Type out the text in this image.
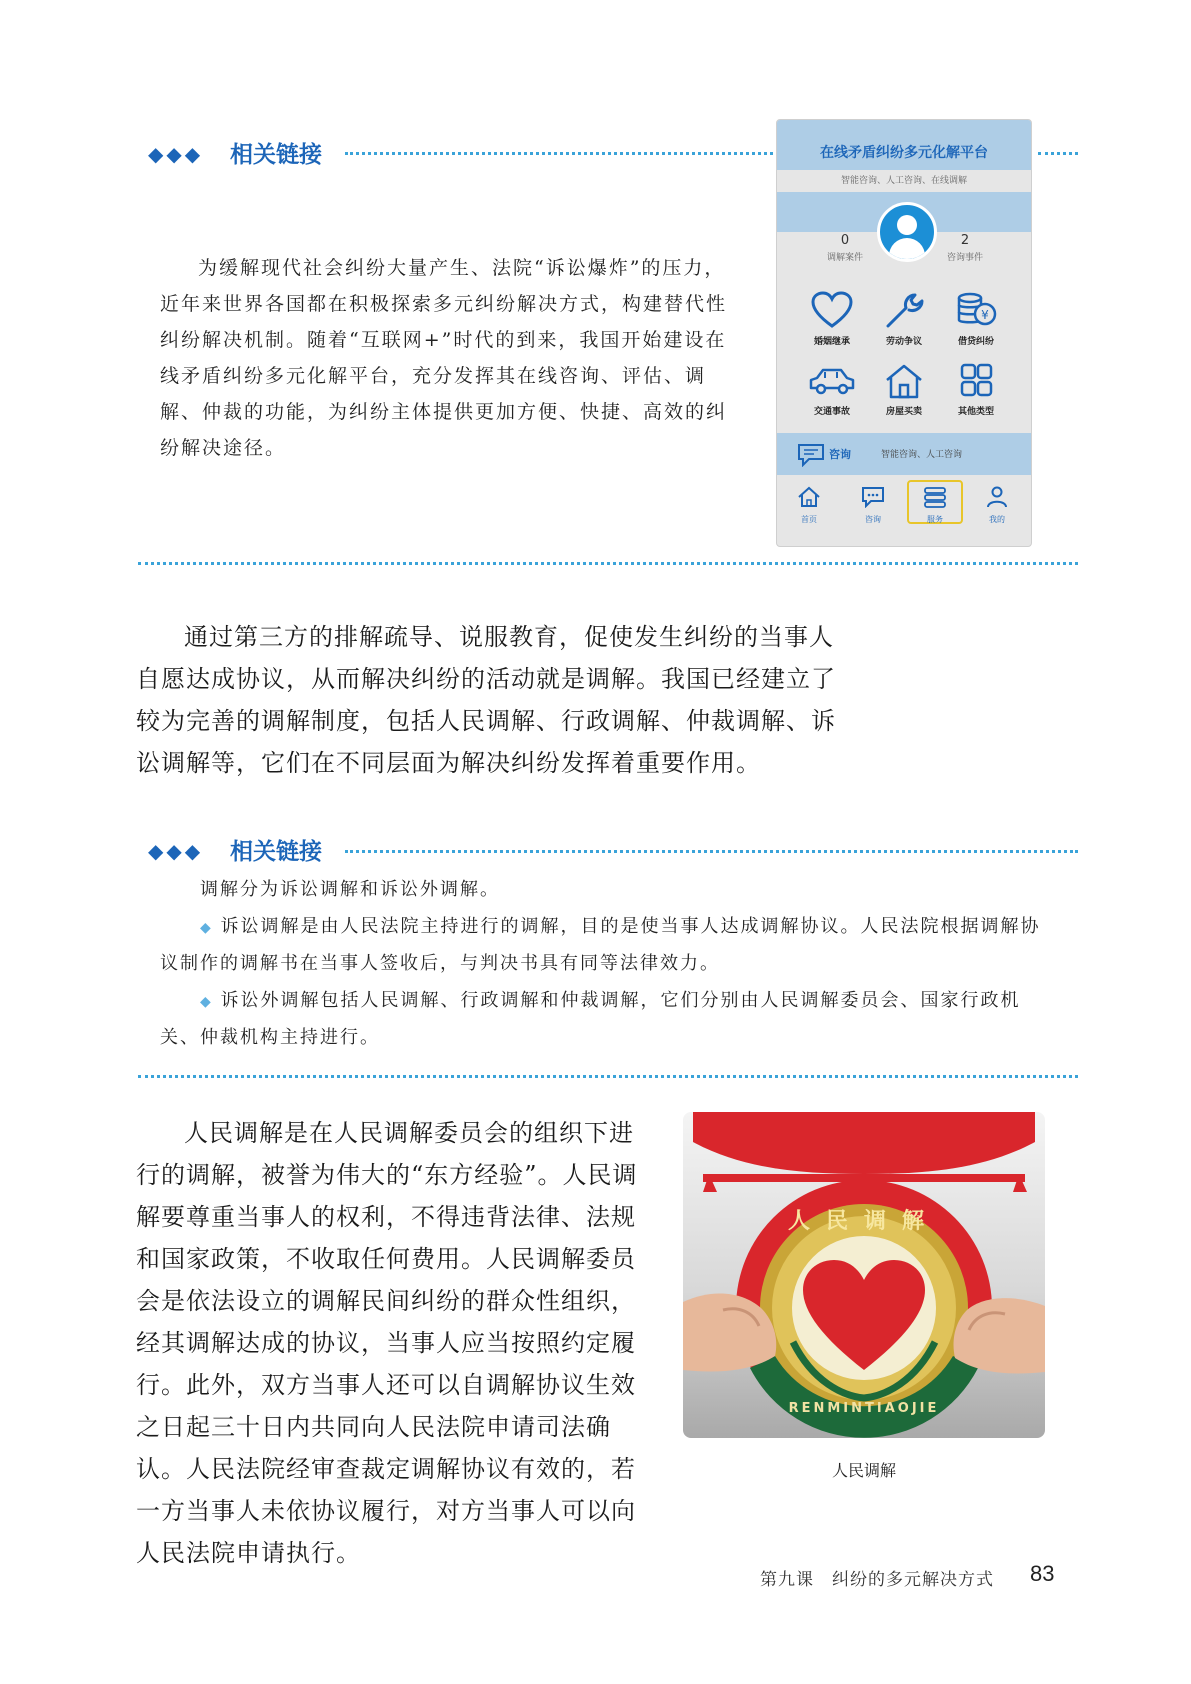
◆◆◆ 相关链接
为缓解现代社会纠纷大量产生、法院“诉讼爆炸”的压力，近年来世界各国都在积极探索多元纠纷解决方式，构建替代性纠纷解决机制。随着“互联网+”时代的到来，我国开始建设在线矛盾纠纷多元化解平台，充分发挥其在线咨询、评估、调解、仲裁的功能，为纠纷主体提供更加方便、快捷、高效的纠纷解决途径。
在线矛盾纠纷多元化解平台
智能咨询、人工咨询、在线调解
0
调解案件
2
咨询事件
婚姻继承	劳动争议
¥
借贷纠纷
交通事故	房屋买卖	其他类型
咨询	智能咨询、人工咨询
首页	咨询	服务	我的
通过第三方的排解疏导、说服教育，促使发生纠纷的当事人自愿达成协议，从而解决纠纷的活动就是调解。我国已经建立了较为完善的调解制度，包括人民调解、行政调解、仲裁调解、诉讼调解等，它们在不同层面为解决纠纷发挥着重要作用。
◆◆◆ 相关链接
调解分为诉讼调解和诉讼外调解。
◆ 诉讼调解是由人民法院主持进行的调解，目的是使当事人达成调解协议。人民法院根据调解协议制作的调解书在当事人签收后，与判决书具有同等法律效力。
◆ 诉讼外调解包括人民调解、行政调解和仲裁调解，它们分别由人民调解委员会、国家行政机关、仲裁机构主持进行。
人民调解是在人民调解委员会的组织下进行的调解，被誉为伟大的“东方经验”。人民调解要尊重当事人的权利，不得违背法律、法规和国家政策，不收取任何费用。人民调解委员会是依法设立的调解民间纠纷的群众性组织，经其调解达成的协议，当事人应当按照约定履行。此外，双方当事人还可以自调解协议生效之日起三十日内共同向人民法院申请司法确认。人民法院经审查裁定调解协议有效的，若一方当事人未依协议履行，对方当事人可以向人民法院申请执行。
人民调解
RENMINTIAOJIE
人民调解
第九课　纠纷的多元解决方式 83
